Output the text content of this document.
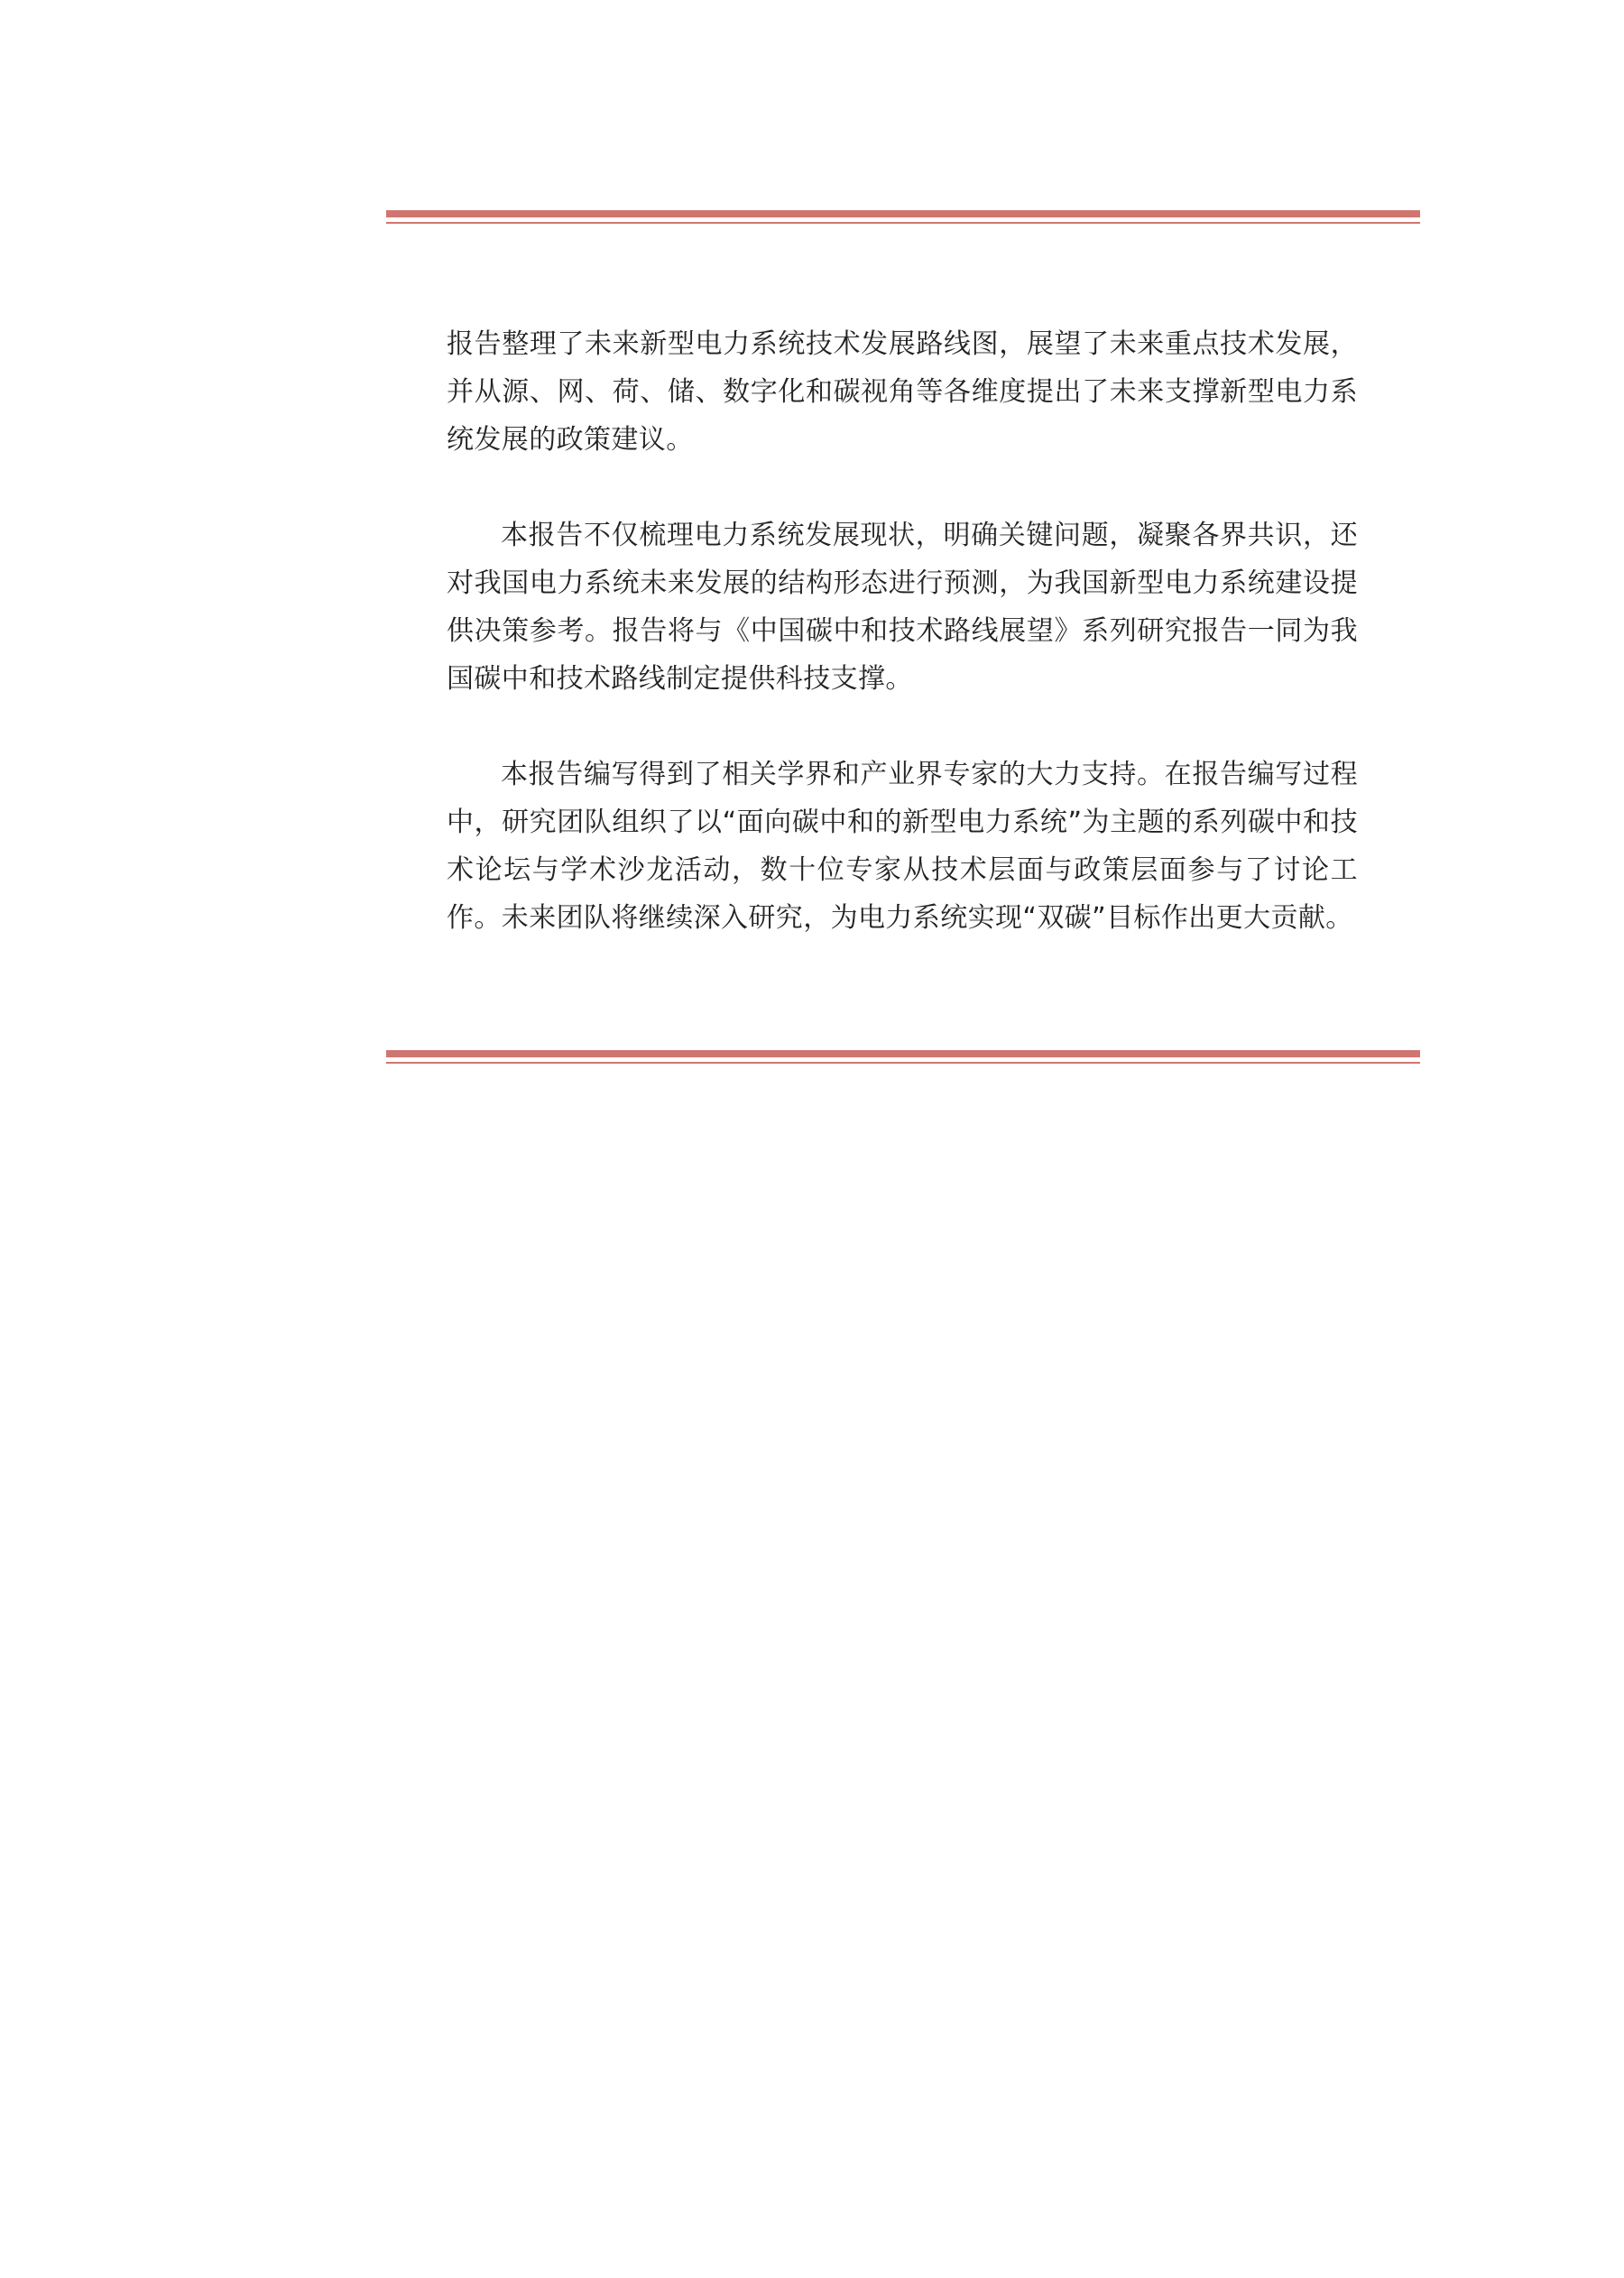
报告整理了未来新型电力系统技术发展路线图，展望了未来重点技术发展，并从源、网、荷、储、数字化和碳视角等各维度提出了未来支撑新型电力系统发展的政策建议。

本报告不仅梳理电力系统发展现状，明确关键问题，凝聚各界共识，还对我国电力系统未来发展的结构形态进行预测，为我国新型电力系统建设提供决策参考。报告将与《中国碳中和技术路线展望》系列研究报告一同为我国碳中和技术路线制定提供科技支撑。

本报告编写得到了相关学界和产业界专家的大力支持。在报告编写过程中，研究团队组织了以“面向碳中和的新型电力系统”为主题的系列碳中和技术论坛与学术沙龙活动，数十位专家从技术层面与政策层面参与了讨论工作。未来团队将继续深入研究，为电力系统实现“双碳”目标作出更大贡献。
